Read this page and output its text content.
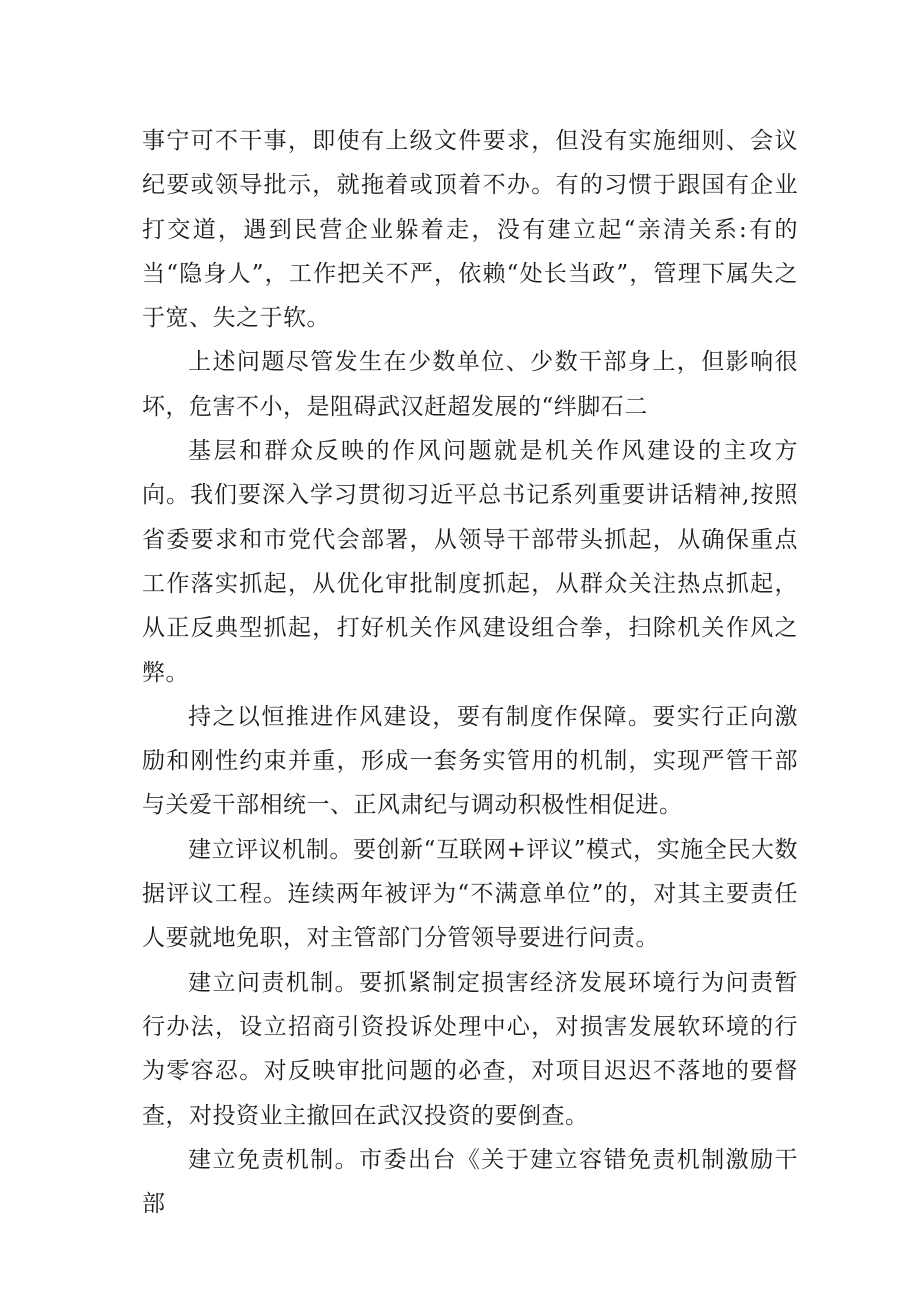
事宁可不干事，即使有上级文件要求，但没有实施细则、会议纪要或领导批示，就拖着或顶着不办。有的习惯于跟国有企业打交道，遇到民营企业躲着走，没有建立起“亲清关系:有的当“隐身人”，工作把关不严，依赖“处长当政”，管理下属失之于宽、失之于软。

上述问题尽管发生在少数单位、少数干部身上，但影响很坏，危害不小，是阻碍武汉赶超发展的“绊脚石二

基层和群众反映的作风问题就是机关作风建设的主攻方向。我们要深入学习贯彻习近平总书记系列重要讲话精神,按照省委要求和市党代会部署，从领导干部带头抓起，从确保重点工作落实抓起，从优化审批制度抓起，从群众关注热点抓起，从正反典型抓起，打好机关作风建设组合拳，扫除机关作风之弊。

持之以恒推进作风建设，要有制度作保障。要实行正向激励和刚性约束并重，形成一套务实管用的机制，实现严管干部与关爱干部相统一、正风肃纪与调动积极性相促进。

建立评议机制。要创新“互联网+评议”模式，实施全民大数据评议工程。连续两年被评为“不满意单位”的，对其主要责任人要就地免职，对主管部门分管领导要进行问责。

建立问责机制。要抓紧制定损害经济发展环境行为问责暂行办法，设立招商引资投诉处理中心，对损害发展软环境的行为零容忍。对反映审批问题的必查，对项目迟迟不落地的要督查，对投资业主撤回在武汉投资的要倒查。

建立免责机制。市委出台《关于建立容错免责机制激励干部
